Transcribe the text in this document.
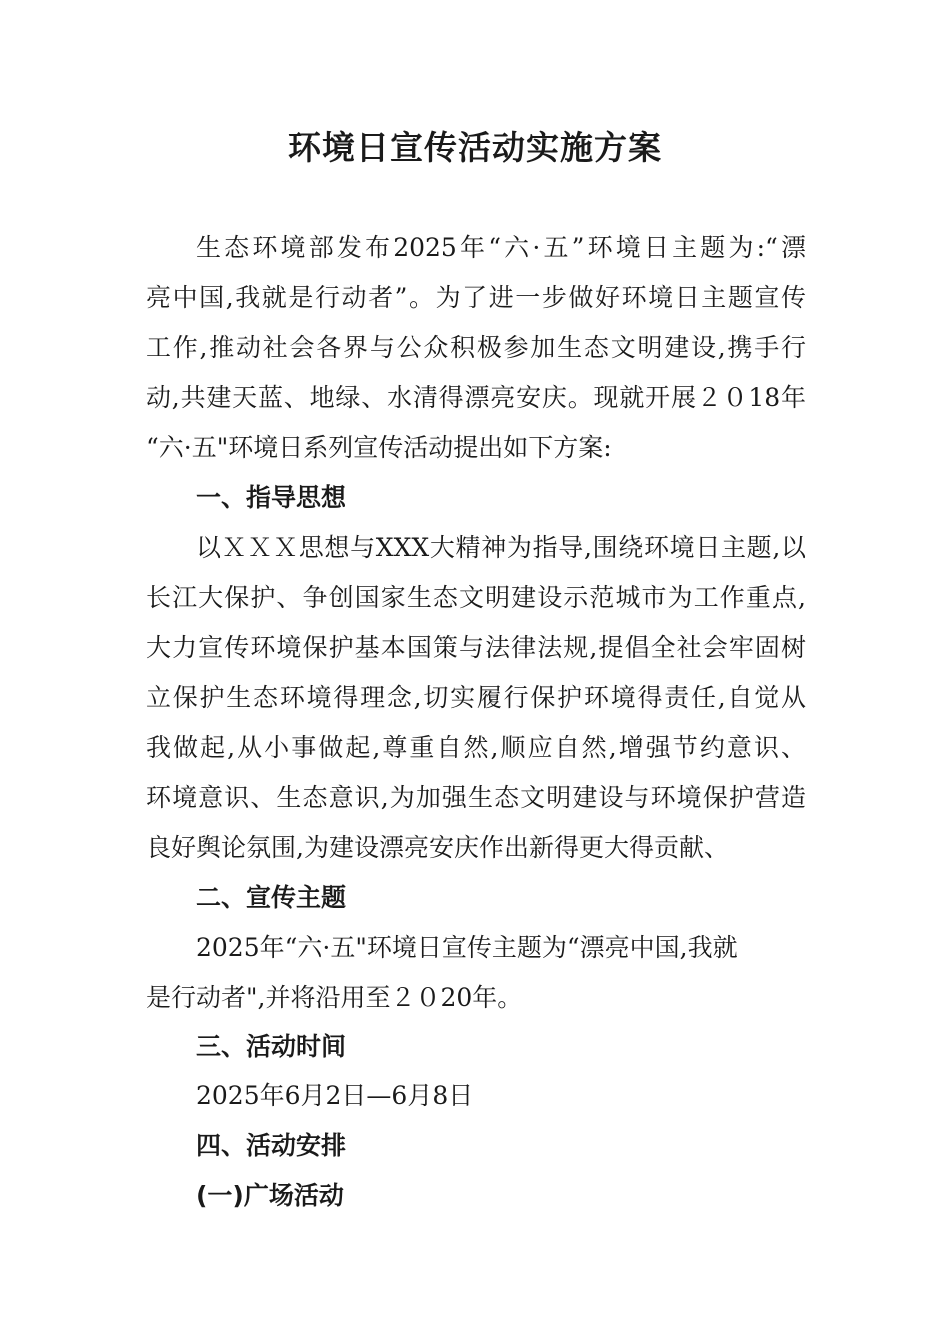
环境日宣传活动实施方案
生态环境部发布2025年“六·五”环境日主题为:“漂
亮中国,我就是行动者”。为了进一步做好环境日主题宣传
工作,推动社会各界与公众积极参加生态文明建设,携手行
动,共建天蓝、地绿、水清得漂亮安庆。现就开展２０18年
“六·五"环境日系列宣传活动提出如下方案:
一、指导思想
以ＸＸＸ思想与XXX大精神为指导,围绕环境日主题,以
长江大保护、争创国家生态文明建设示范城市为工作重点,
大力宣传环境保护基本国策与法律法规,提倡全社会牢固树
立保护生态环境得理念,切实履行保护环境得责任,自觉从
我做起,从小事做起,尊重自然,顺应自然,增强节约意识、
环境意识、生态意识,为加强生态文明建设与环境保护营造
良好舆论氛围,为建设漂亮安庆作出新得更大得贡献、
二、宣传主题
2025年“六·五"环境日宣传主题为“漂亮中国,我就
是行动者",并将沿用至２０20年。
三、活动时间
2025年6月2日—6月8日
四、活动安排
(一)广场活动
